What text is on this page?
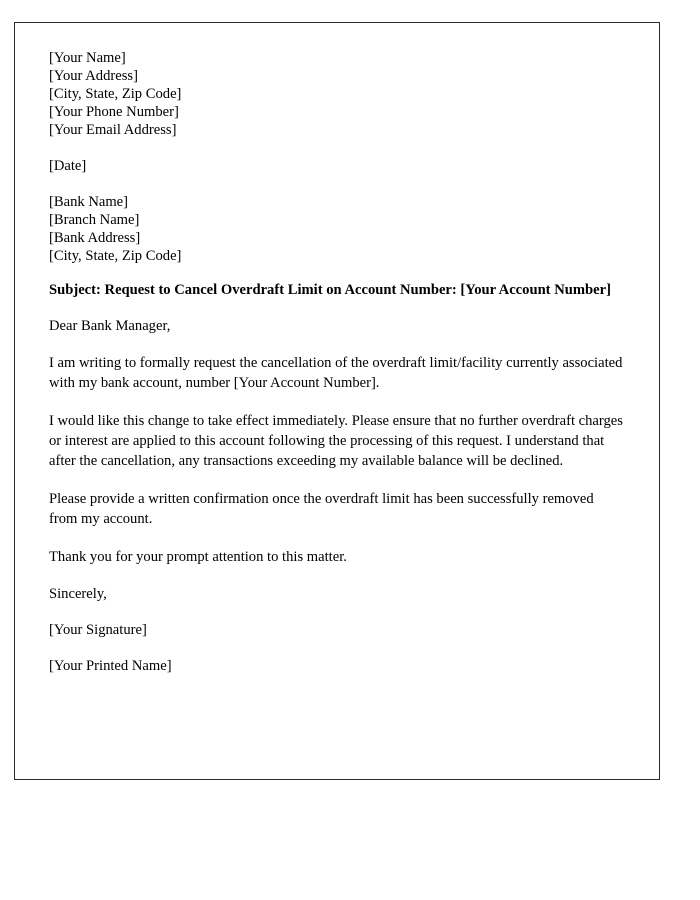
[Your Name]
[Your Address]
[City, State, Zip Code]
[Your Phone Number]
[Your Email Address]
[Date]
[Bank Name]
[Branch Name]
[Bank Address]
[City, State, Zip Code]
Subject: Request to Cancel Overdraft Limit on Account Number: [Your Account Number]
Dear Bank Manager,

I am writing to formally request the cancellation of the overdraft limit/facility currently associated with my bank account, number [Your Account Number].

I would like this change to take effect immediately. Please ensure that no further overdraft charges or interest are applied to this account following the processing of this request. I understand that after the cancellation, any transactions exceeding my available balance will be declined.

Please provide a written confirmation once the overdraft limit has been successfully removed from my account.

Thank you for your prompt attention to this matter.

Sincerely,
[Your Signature]
[Your Printed Name]
